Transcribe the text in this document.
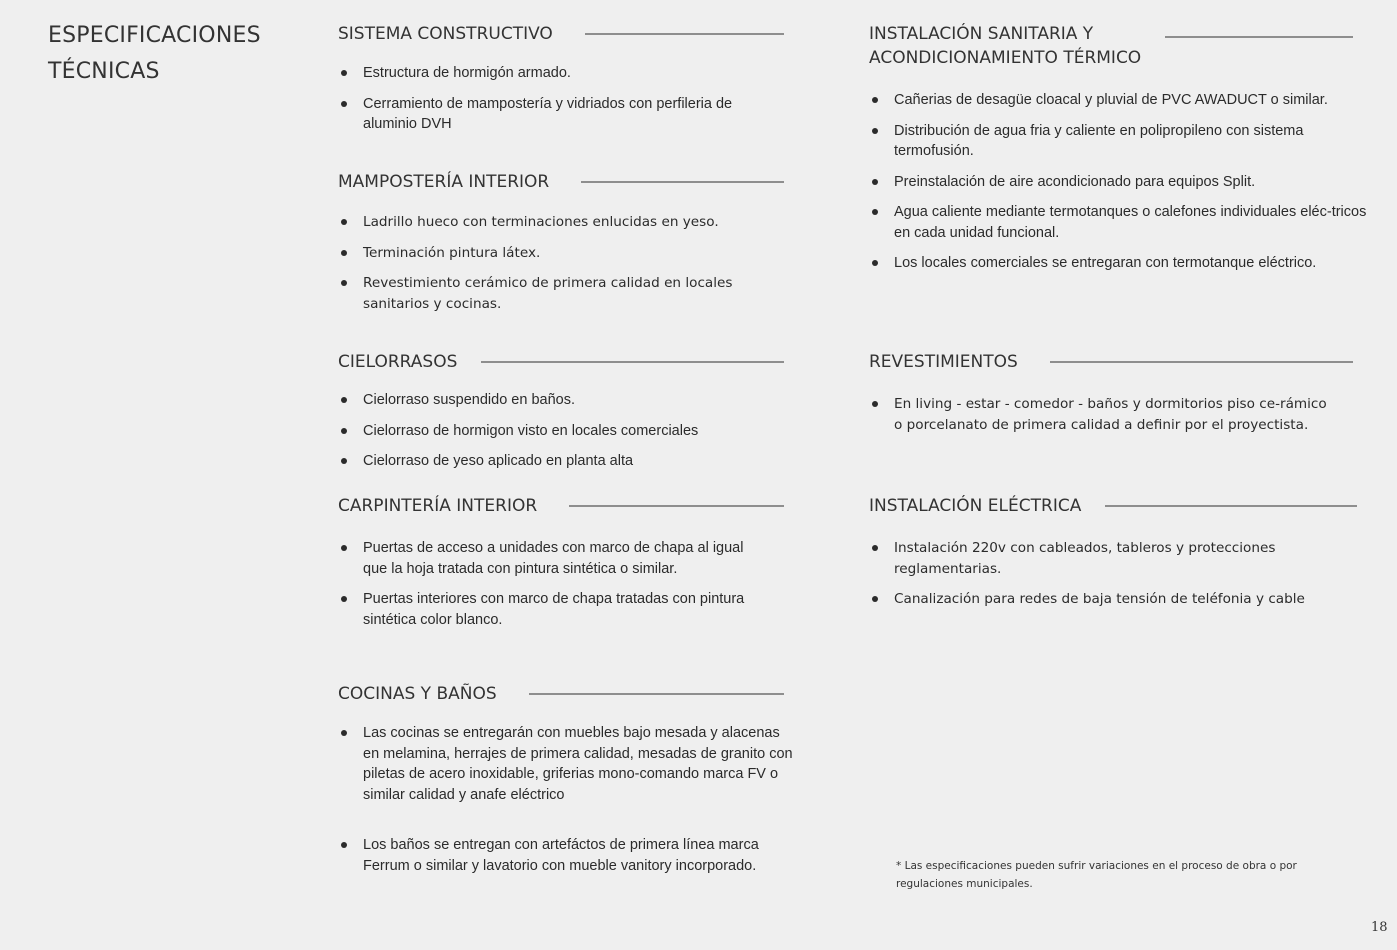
ESPECIFICACIONES
TÉCNICAS
SISTEMA CONSTRUCTIVO
Estructura de hormigón armado.
Cerramiento de mampostería y vidriados con perfileria de aluminio DVH
MAMPOSTERÍA INTERIOR
Ladrillo hueco con terminaciones enlucidas en yeso.
Terminación pintura látex.
Revestimiento cerámico de primera calidad en locales sanitarios y cocinas.
CIELORRASOS
Cielorraso suspendido en baños.
Cielorraso de hormigon visto en locales comerciales
Cielorraso de yeso aplicado en planta alta
CARPINTERÍA INTERIOR
Puertas de acceso a unidades con marco de chapa al igual que la hoja tratada con pintura sintética o similar.
Puertas interiores con marco de chapa tratadas con pintura sintética color blanco.
COCINAS Y BAÑOS
Las cocinas se entregarán con muebles bajo mesada y alacenas en melamina, herrajes de primera calidad, mesadas de granito con piletas de acero inoxidable, griferias mono-comando marca FV o similar calidad y anafe eléctrico
Los baños se entregan con artefáctos de primera línea marca Ferrum o similar y lavatorio con mueble vanitory incorporado.
INSTALACIÓN SANITARIA Y
ACONDICIONAMIENTO TÉRMICO
Cañerias de desagüe cloacal y pluvial de PVC AWADUCT o similar.
Distribución de agua fria y caliente en polipropileno con sistema termofusión.
Preinstalación de aire acondicionado para equipos Split.
Agua caliente mediante termotanques o calefones individuales eléc-tricos en cada unidad funcional.
Los locales comerciales se entregaran con termotanque eléctrico.
REVESTIMIENTOS
En living - estar - comedor - baños y dormitorios piso ce-rámico o porcelanato de primera calidad a definir por el proyectista.
INSTALACIÓN ELÉCTRICA
Instalación 220v con cableados, tableros y protecciones reglamentarias.
Canalización para redes de baja tensión de teléfonia y cable
* Las especificaciones pueden sufrir variaciones en el proceso de obra o por regulaciones municipales.
18
